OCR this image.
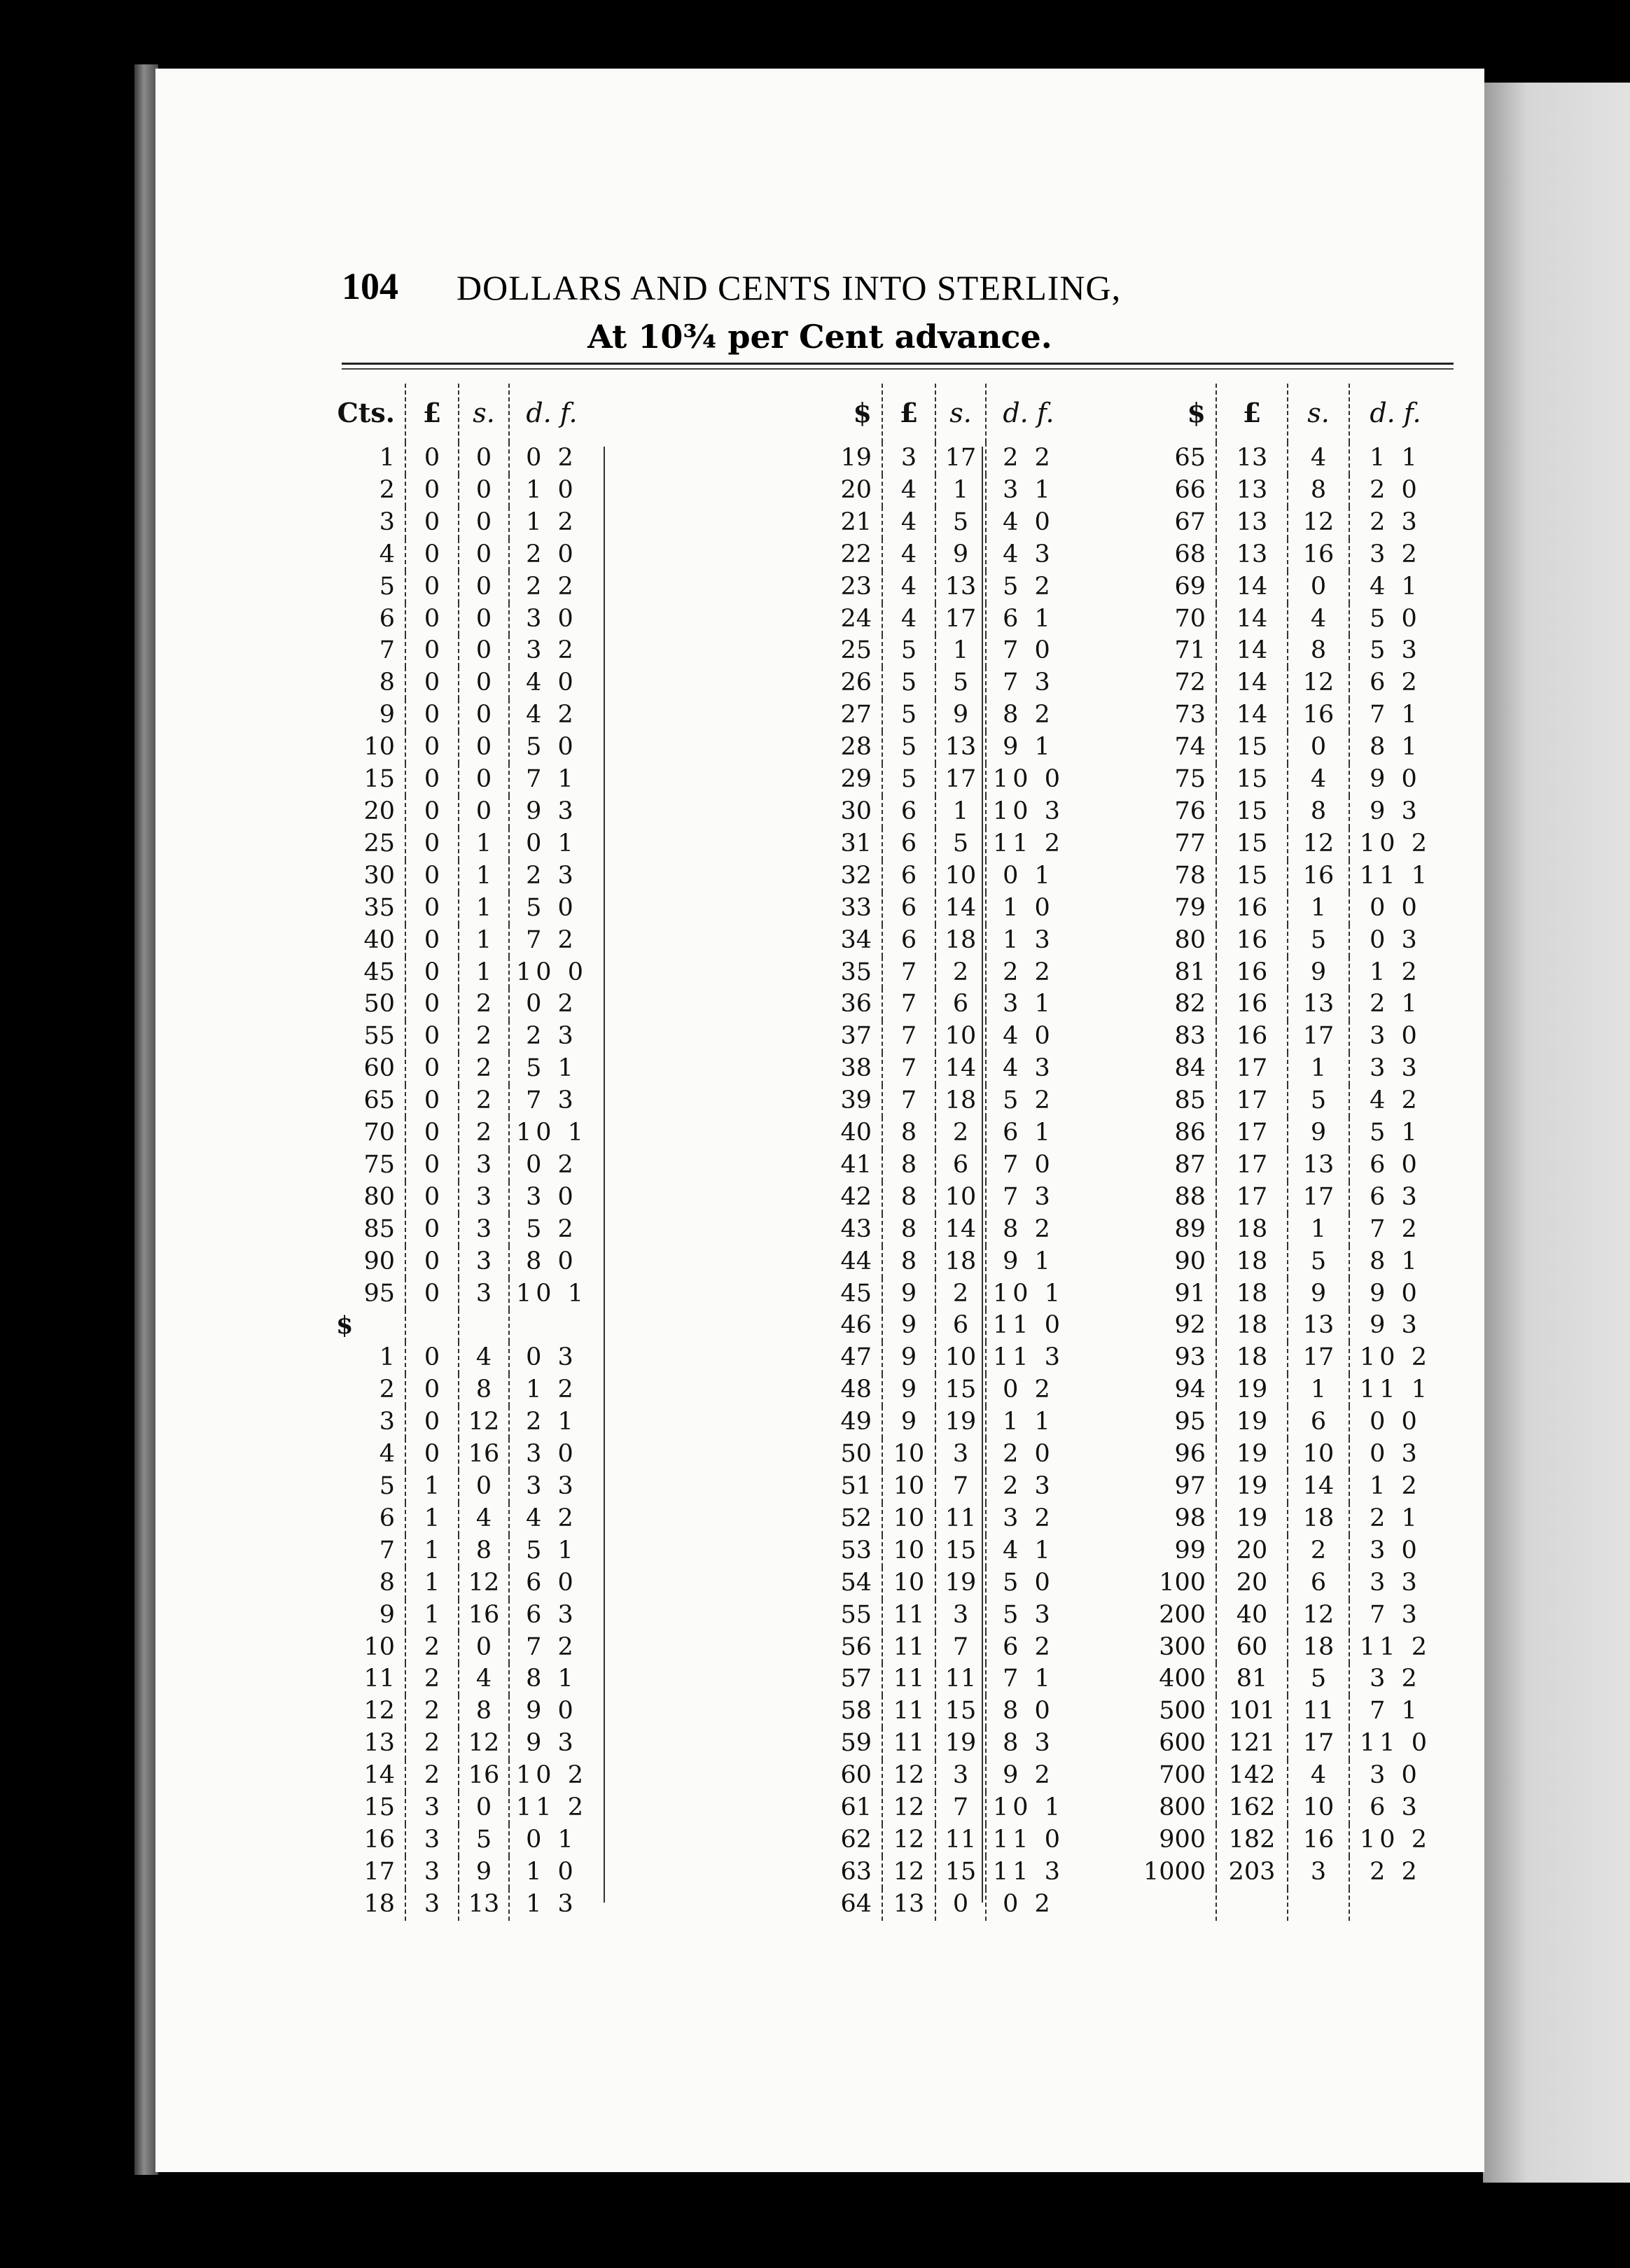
104 DOLLARS AND CENTS INTO STERLING,
At 10¾ per Cent advance.
Cts.	£	s.	d. f.
1	0	0	0 2
2	0	0	1 0
3	0	0	1 2
4	0	0	2 0
5	0	0	2 2
6	0	0	3 0
7	0	0	3 2
8	0	0	4 0
9	0	0	4 2
10	0	0	5 0
15	0	0	7 1
20	0	0	9 3
25	0	1	0 1
30	0	1	2 3
35	0	1	5 0
40	0	1	7 2
45	0	1	10 0
50	0	2	0 2
55	0	2	2 3
60	0	2	5 1
65	0	2	7 3
70	0	2	10 1
75	0	3	0 2
80	0	3	3 0
85	0	3	5 2
90	0	3	8 0
95	0	3	10 1
$			
1	0	4	0 3
2	0	8	1 2
3	0	12	2 1
4	0	16	3 0
5	1	0	3 3
6	1	4	4 2
7	1	8	5 1
8	1	12	6 0
9	1	16	6 3
10	2	0	7 2
11	2	4	8 1
12	2	8	9 0
13	2	12	9 3
14	2	16	10 2
15	3	0	11 2
16	3	5	0 1
17	3	9	1 0
18	3	13	1 3
$	£	s.	d. f.
19	3	17	2 2
20	4	1	3 1
21	4	5	4 0
22	4	9	4 3
23	4	13	5 2
24	4	17	6 1
25	5	1	7 0
26	5	5	7 3
27	5	9	8 2
28	5	13	9 1
29	5	17	10 0
30	6	1	10 3
31	6	5	11 2
32	6	10	0 1
33	6	14	1 0
34	6	18	1 3
35	7	2	2 2
36	7	6	3 1
37	7	10	4 0
38	7	14	4 3
39	7	18	5 2
40	8	2	6 1
41	8	6	7 0
42	8	10	7 3
43	8	14	8 2
44	8	18	9 1
45	9	2	10 1
46	9	6	11 0
47	9	10	11 3
48	9	15	0 2
49	9	19	1 1
50	10	3	2 0
51	10	7	2 3
52	10	11	3 2
53	10	15	4 1
54	10	19	5 0
55	11	3	5 3
56	11	7	6 2
57	11	11	7 1
58	11	15	8 0
59	11	19	8 3
60	12	3	9 2
61	12	7	10 1
62	12	11	11 0
63	12	15	11 3
64	13	0	0 2
$	£	s.	d. f.
65	13	4	1 1
66	13	8	2 0
67	13	12	2 3
68	13	16	3 2
69	14	0	4 1
70	14	4	5 0
71	14	8	5 3
72	14	12	6 2
73	14	16	7 1
74	15	0	8 1
75	15	4	9 0
76	15	8	9 3
77	15	12	10 2
78	15	16	11 1
79	16	1	0 0
80	16	5	0 3
81	16	9	1 2
82	16	13	2 1
83	16	17	3 0
84	17	1	3 3
85	17	5	4 2
86	17	9	5 1
87	17	13	6 0
88	17	17	6 3
89	18	1	7 2
90	18	5	8 1
91	18	9	9 0
92	18	13	9 3
93	18	17	10 2
94	19	1	11 1
95	19	6	0 0
96	19	10	0 3
97	19	14	1 2
98	19	18	2 1
99	20	2	3 0
100	20	6	3 3
200	40	12	7 3
300	60	18	11 2
400	81	5	3 2
500	101	11	7 1
600	121	17	11 0
700	142	4	3 0
800	162	10	6 3
900	182	16	10 2
1000	203	3	2 2
